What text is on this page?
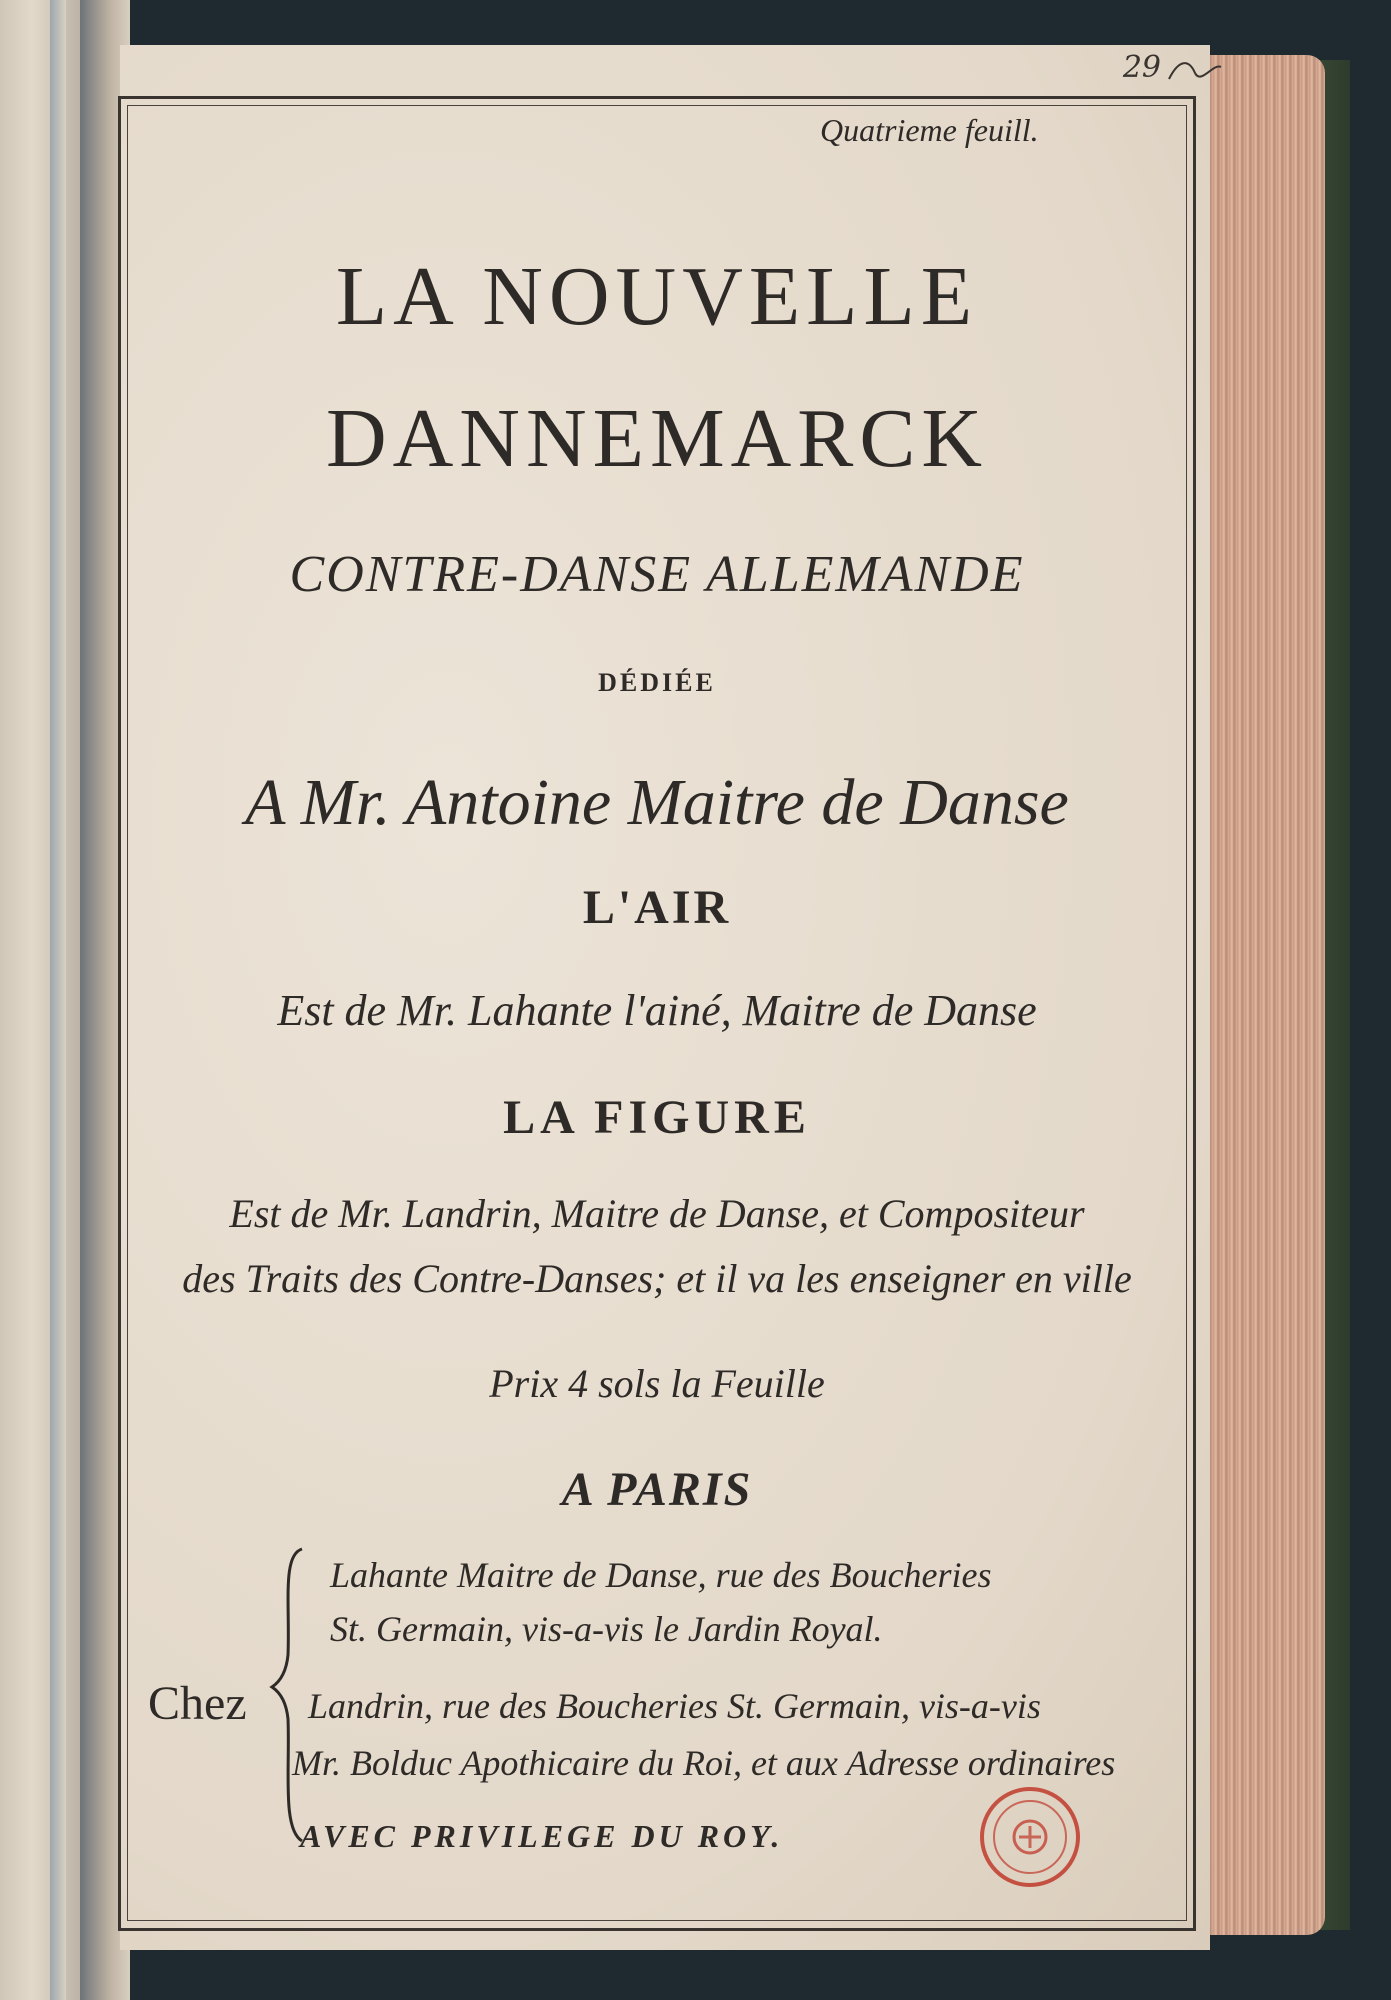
29
Quatrieme feuill.
LA NOUVELLE
DANNEMARCK
CONTRE-DANSE ALLEMANDE
DÉDIÉE
A Mr. Antoine Maitre de Danse
L'AIR
Est de Mr. Lahante l'ainé, Maitre de Danse
LA FIGURE
Est de Mr. Landrin, Maitre de Danse, et Compositeur
des Traits des Contre-Danses; et il va les enseigner en ville
Prix 4 sols la Feuille
A PARIS
Chez
Lahante Maitre de Danse, rue des Boucheries
St. Germain, vis-a-vis le Jardin Royal.
Landrin, rue des Boucheries St. Germain, vis-a-vis
Mr. Bolduc Apothicaire du Roi, et aux Adresse ordinaires
AVEC PRIVILEGE DU ROY.
